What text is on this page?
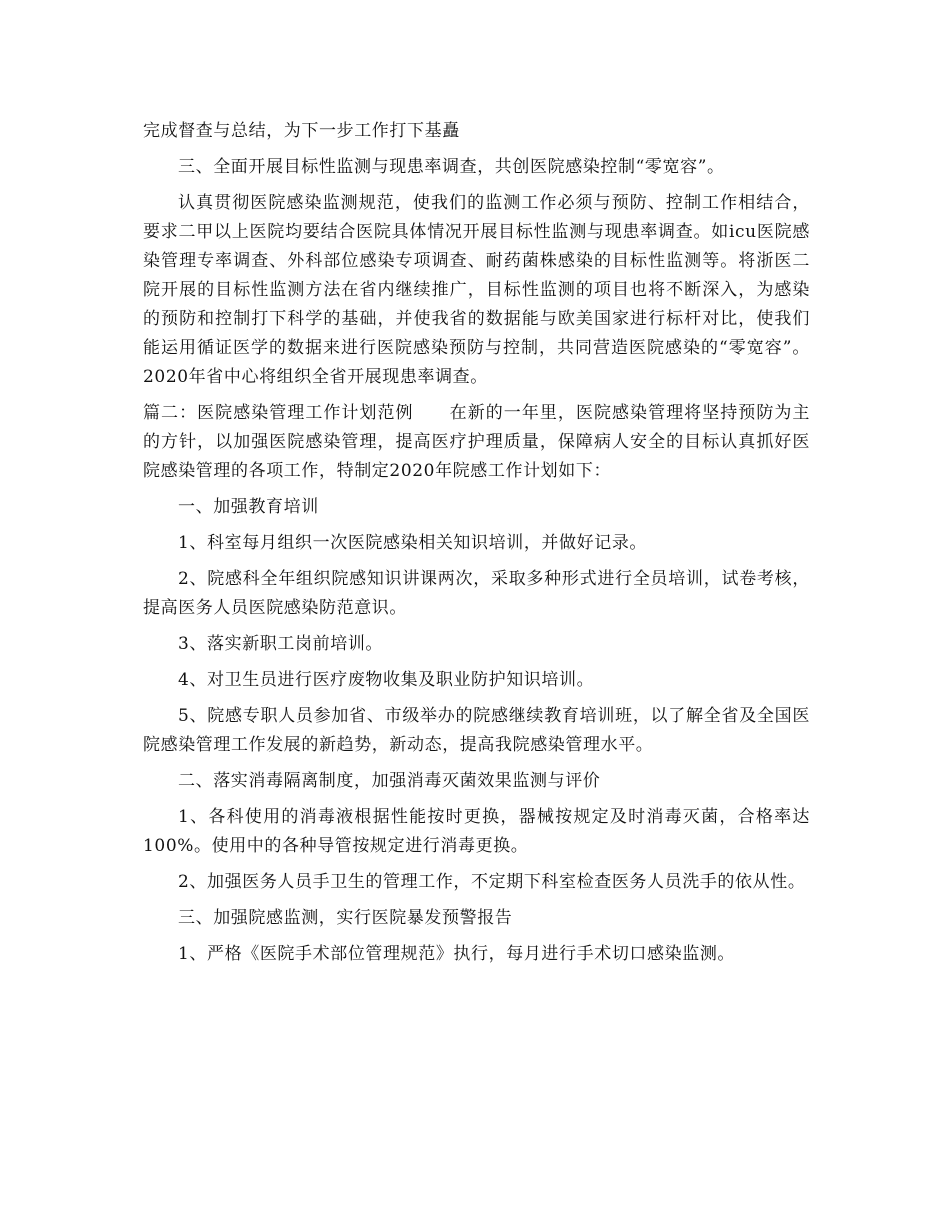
完成督查与总结，为下一步工作打下基矗

三、全面开展目标性监测与现患率调查，共创医院感染控制“零宽容”。

认真贯彻医院感染监测规范，使我们的监测工作必须与预防、控制工作相结合，要求二甲以上医院均要结合医院具体情况开展目标性监测与现患率调查。如icu医院感染管理专率调查、外科部位感染专项调查、耐药菌株感染的目标性监测等。将浙医二院开展的目标性监测方法在省内继续推广，目标性监测的项目也将不断深入，为感染的预防和控制打下科学的基础，并使我省的数据能与欧美国家进行标杆对比，使我们能运用循证医学的数据来进行医院感染预防与控制，共同营造医院感染的“零宽容”。2020年省中心将组织全省开展现患率调查。

篇二：医院感染管理工作计划范例　　 在新的一年里，医院感染管理将坚持预防为主的方针，以加强医院感染管理，提高医疗护理质量，保障病人安全的目标认真抓好医院感染管理的各项工作，特制定2020年院感工作计划如下：

一、加强教育培训

1、科室每月组织一次医院感染相关知识培训，并做好记录。

2、院感科全年组织院感知识讲课两次，采取多种形式进行全员培训，试卷考核，提高医务人员医院感染防范意识。

3、落实新职工岗前培训。

4、对卫生员进行医疗废物收集及职业防护知识培训。

5、院感专职人员参加省、市级举办的院感继续教育培训班，以了解全省及全国医院感染管理工作发展的新趋势，新动态，提高我院感染管理水平。

二、落实消毒隔离制度，加强消毒灭菌效果监测与评价

1、各科使用的消毒液根据性能按时更换，器械按规定及时消毒灭菌，合格率达100%。使用中的各种导管按规定进行消毒更换。

2、加强医务人员手卫生的管理工作，不定期下科室检查医务人员洗手的依从性。

三、加强院感监测，实行医院暴发预警报告

1、严格《医院手术部位管理规范》执行，每月进行手术切口感染监测。
